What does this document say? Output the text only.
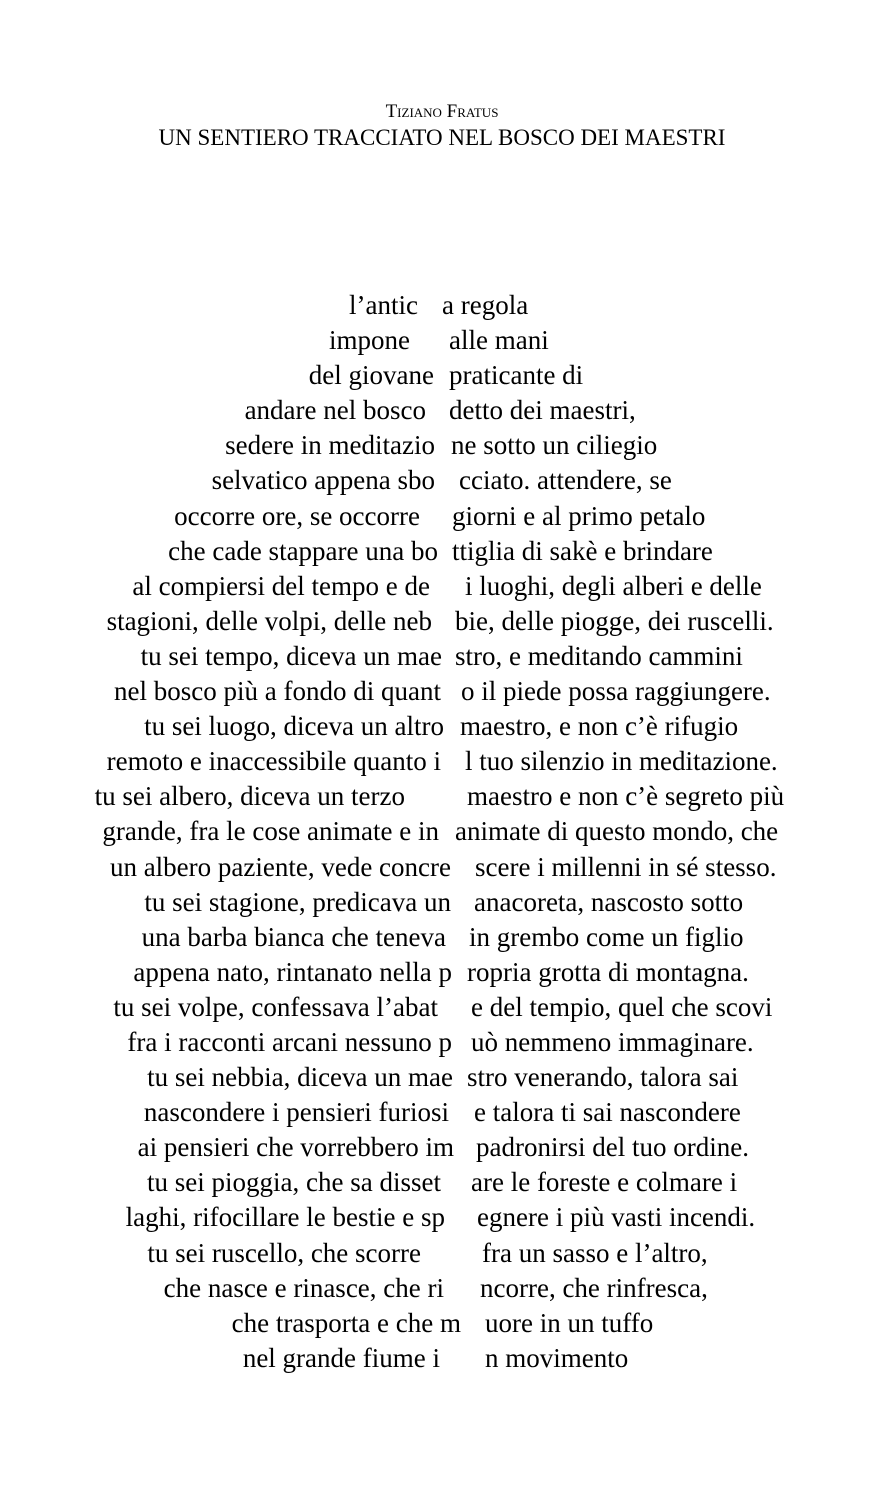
Tiziano Fratus
UN SENTIERO TRACCIATO NEL BOSCO DEI MAESTRI
l’antic a regola
impone alle mani
del giovane praticante di
andare nel bosco detto dei maestri,
sedere in meditazio ne sotto un ciliegio
selvatico appena sbo cciato. attendere, se
occorre ore, se occorre giorni e al primo petalo
che cade stappare una bo ttiglia di sakè e brindare
al compiersi del tempo e de i luoghi, degli alberi e delle
stagioni, delle volpi, delle neb bie, delle piogge, dei ruscelli.
tu sei tempo, diceva un mae stro, e meditando cammini
nel bosco più a fondo di quant o il piede possa raggiungere.
tu sei luogo, diceva un altro maestro, e non c’è rifugio
remoto e inaccessibile quanto i l tuo silenzio in meditazione.
tu sei albero, diceva un terzo maestro e non c’è segreto più
grande, fra le cose animate e in animate di questo mondo, che
un albero paziente, vede concre scere i millenni in sé stesso.
tu sei stagione, predicava un anacoreta, nascosto sotto
una barba bianca che teneva in grembo come un figlio
appena nato, rintanato nella p ropria grotta di montagna.
tu sei volpe, confessava l’abat e del tempio, quel che scovi
fra i racconti arcani nessuno p uò nemmeno immaginare.
tu sei nebbia, diceva un mae stro venerando, talora sai
nascondere i pensieri furiosi e talora ti sai nascondere
ai pensieri che vorrebbero im padronirsi del tuo ordine.
tu sei pioggia, che sa disset are le foreste e colmare i
laghi, rifocillare le bestie e sp egnere i più vasti incendi.
tu sei ruscello, che scorre fra un sasso e l’altro,
che nasce e rinasce, che ri ncorre, che rinfresca,
che trasporta e che m uore in un tuffo
nel grande fiume i n movimento
